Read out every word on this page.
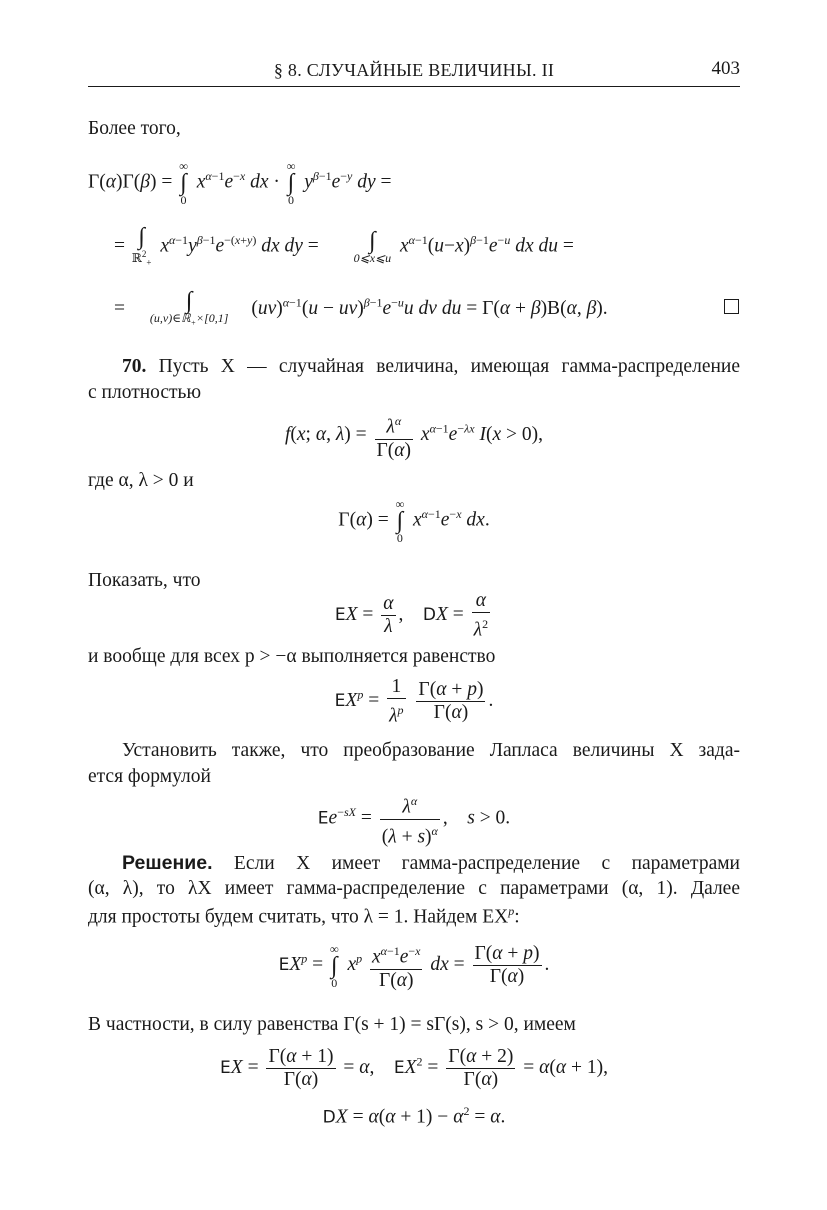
§ 8. СЛУЧАЙНЫЕ ВЕЛИЧИНЫ. II	403
Более того,
Γ(α)Γ(β) =
∞
∫
0
$x^{\alpha-1}e^{-x}$ dx ·
∞
∫
0
$y^{\beta-1}e^{-y}$ dy =
= ∫
ℝ$^2_+$
$x^{\alpha-1}y^{\beta-1}e^{-(x+y)}$ dx dy =	∫
0⩽x⩽u
$x^{\alpha-1}(u-x)^{\beta-1}e^{-u}$ dx du =
=	∫
(u,v)∈ℝ$_+$×[0,1] $(uv)^{\alpha-1}(u - uv)^{\beta-1}e^{-u}u$ dv du = Γ(α + β)B(α, β).
70. Пусть X — случайная величина, имеющая гамма-распределение
с плотностью
f(x; α, $\lambda) = \frac{\lambda^\alpha}{\Gamma(\alpha)} x^{\alpha-1}e^{-\lambda x}$ I(x > 0),
где α, λ > 0 и
Γ(α) =
∞
∫
0
$x^{\alpha-1}e^{-x}$ dx.
Показать, что
EX = $\frac{\alpha}{\lambda}$ ,    DX = $\frac{\alpha}{\lambda^2}$
и вообще для всех p > −α выполняется равенство
$EX^p = \frac{1}{\lambda^p}$
$\frac{\Gamma(\alpha + p)}{\Gamma(\alpha)}$ .
Установить также, что преобразование Лапласа величины X зада-
ется формулой
$Ee^{-sX} = \frac{\lambda^\alpha}{(\lambda + s)^\alpha}$ ,    s > 0.
Решение. Если X имеет гамма-распределение с параметрами
(α, λ), то λX имеет гамма-распределение с параметрами (α, 1). Далее
для простоты будем считать, что λ = 1. Найдем $EX^p$:
$EX^p$ =
∞
∫
0
$x^p \frac{x^{\alpha-1}e^{-x}}{\Gamma(\alpha)}$ dx = $\frac{\Gamma(\alpha + p)}{\Gamma(\alpha)}$ .
В частности, в силу равенства Γ(s + 1) = sΓ(s), s > 0, имеем
EX = $\frac{\Gamma(\alpha + 1)}{\Gamma(\alpha)} = \alpha$,    $EX^2 = \frac{\Gamma(\alpha + 2)}{\Gamma(\alpha)} = \alpha(\alpha + 1)$,
DX = $\alpha(\alpha + 1) - \alpha^2 = \alpha$.
